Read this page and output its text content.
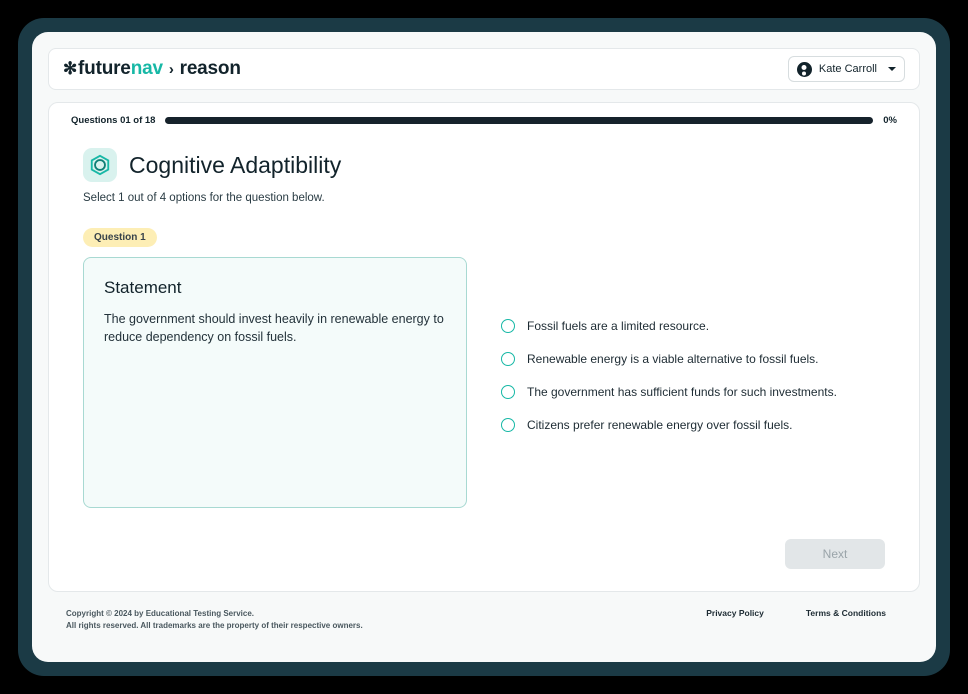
✻ future nav › reason	Kate Carroll
Questions 01 of 18	0%
Cognitive Adaptibility
Select 1 out of 4 options for the question below.
Question 1
Statement

The government should invest heavily in renewable energy to reduce dependency on fossil fuels.

Fossil fuels are a limited resource.
Renewable energy is a viable alternative to fossil fuels.
The government has sufficient funds for such investments.
Citizens prefer renewable energy over fossil fuels.
Next
Copyright © 2024 by Educational Testing Service.
All rights reserved. All trademarks are the property of their respective owners.
Privacy Policy	Terms & Conditions
